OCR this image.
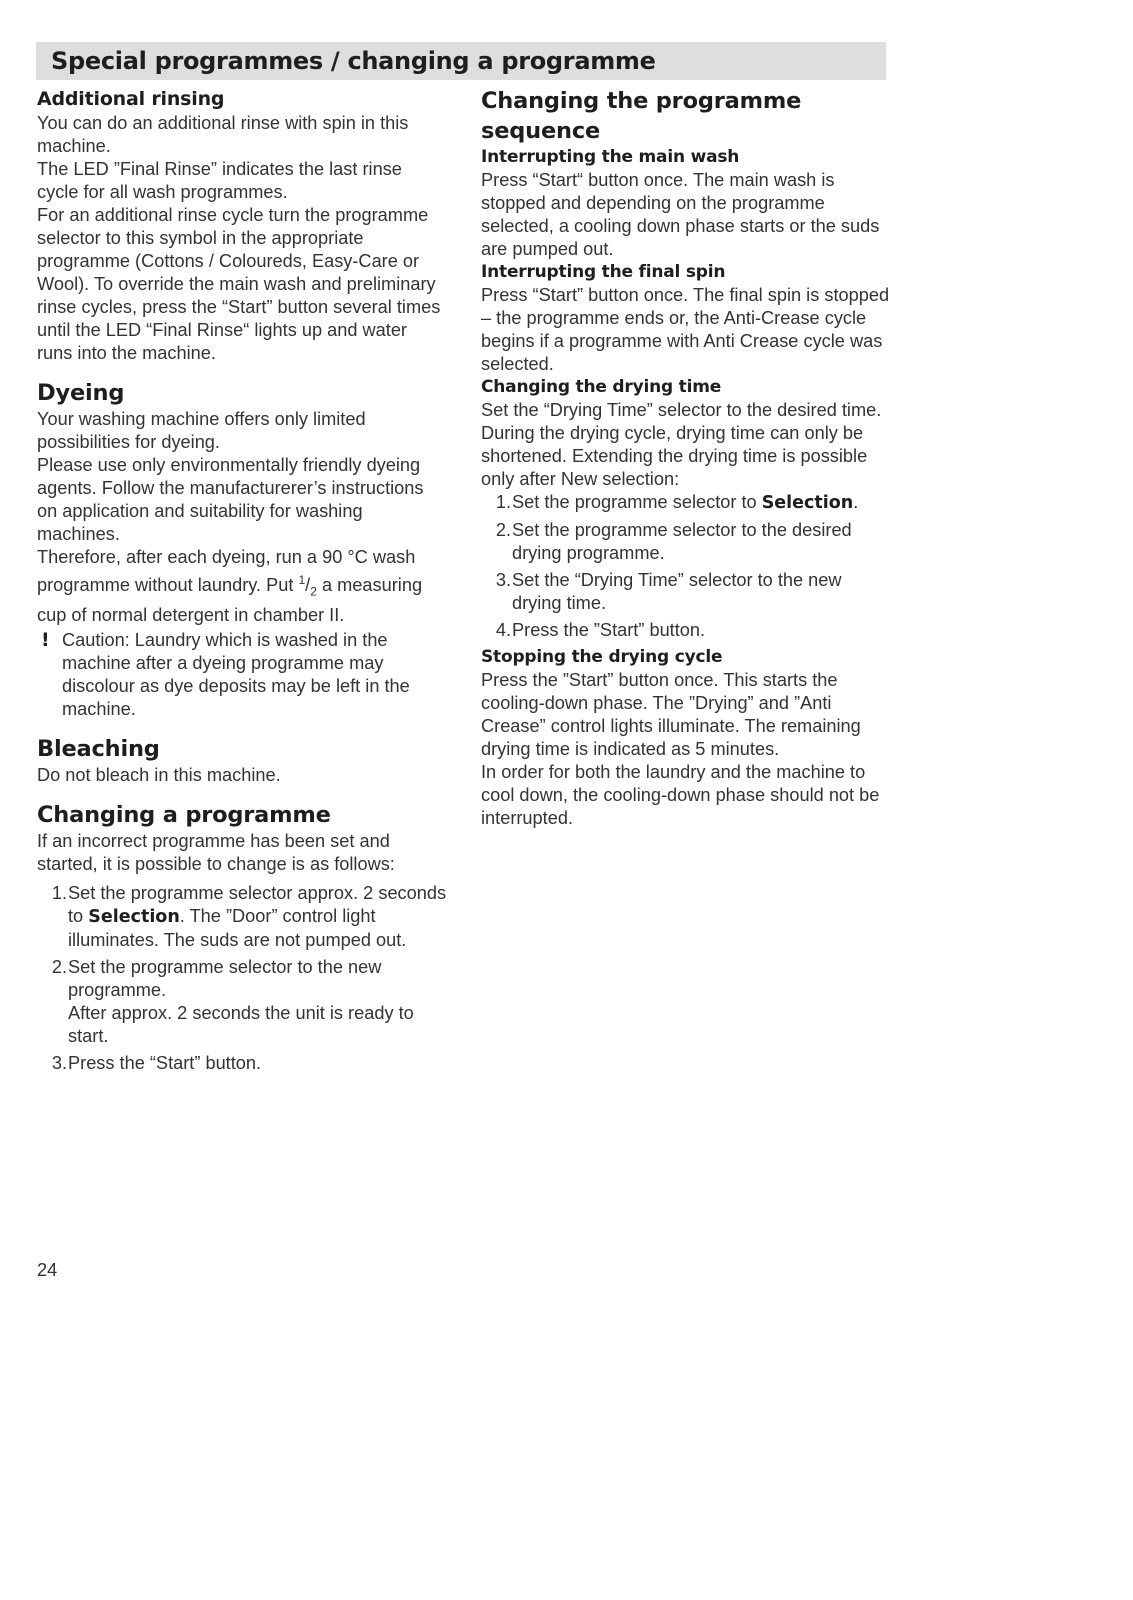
Special programmes / changing a programme
Additional rinsing

You can do an additional rinse with spin in this machine.

The LED ”Final Rinse” indicates the last rinse cycle for all wash programmes.

For an additional rinse cycle turn the programme selector to this symbol in the appropriate programme (Cottons / Coloureds, Easy-Care or Wool). To override the main wash and preliminary rinse cycles, press the “Start” button several times until the LED “Final Rinse“ lights up and water runs into the machine.

Dyeing

Your washing machine offers only limited possibilities for dyeing.

Please use only environmentally friendly dyeing agents. Follow the manufacturerer’s instructions on application and suitability for washing machines.

Therefore, after each dyeing, run a 90 °C wash programme without laundry. Put $^1/_2$ a measuring cup of normal detergent in chamber II.

! Caution: Laundry which is washed in the machine after a dyeing programme may discolour as dye deposits may be left in the machine.
Bleaching

Do not bleach in this machine.

Changing a programme

If an incorrect programme has been set and started, it is possible to change is as follows:

1. Set the programme selector approx. 2 seconds to Selection. The ”Door” control light illuminates. The suds are not pumped out.
2. Set the programme selector to the new programme.
After approx. 2 seconds the unit is ready to start.
3. Press the “Start” button.
Changing the programme sequence
Interrupting the main wash

Press “Start“ button once. The main wash is stopped and depending on the programme selected, a cooling down phase starts or the suds are pumped out.

Interrupting the final spin

Press “Start” button once. The final spin is stopped – the programme ends or, the Anti-Crease cycle begins if a programme with Anti Crease cycle was selected.

Changing the drying time

Set the “Drying Time” selector to the desired time.

During the drying cycle, drying time can only be shortened. Extending the drying time is possible only after New selection:

1. Set the programme selector to Selection.
2. Set the programme selector to the desired drying programme.
3. Set the “Drying Time” selector to the new drying time.
4. Press the ”Start” button.
Stopping the drying cycle

Press the ”Start” button once. This starts the cooling-down phase. The ”Drying” and ”Anti Crease” control lights illuminate. The remaining drying time is indicated as 5 minutes.

In order for both the laundry and the machine to cool down, the cooling-down phase should not be interrupted.

24
